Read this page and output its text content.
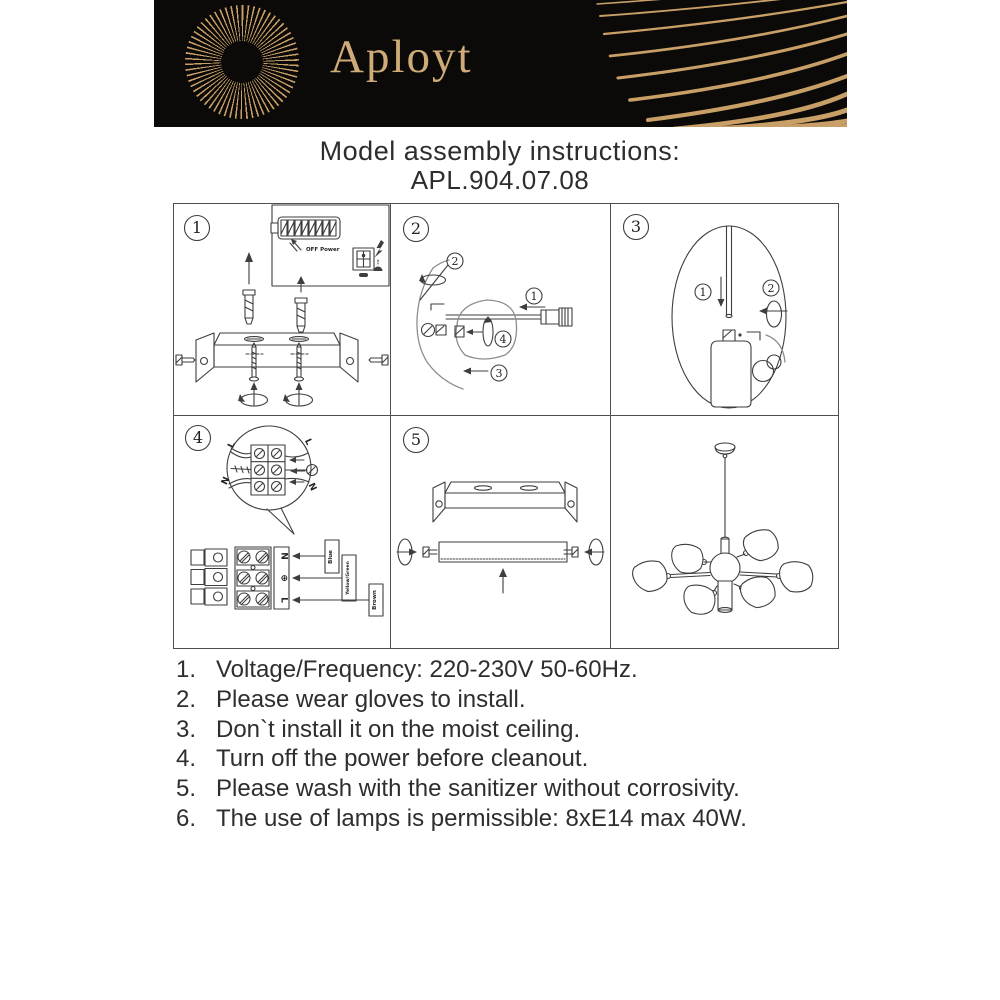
Aployt
Model assembly instructions:
APL.904.07.08
1
OFF Power
2
1
2
4
3
3
1	2
4	L	L
N
N
N
⊕
L
Blue
Yellow/Green
Brown
5
1. Voltage/Frequency: 220-230V 50-60Hz.
2. Please wear gloves to install.
3. Don`t install it on the moist ceiling.
4. Turn off the power before cleanout.
5. Please wash with the sanitizer without corrosivity.
6. The use of lamps is permissible: 8xE14 max 40W.
